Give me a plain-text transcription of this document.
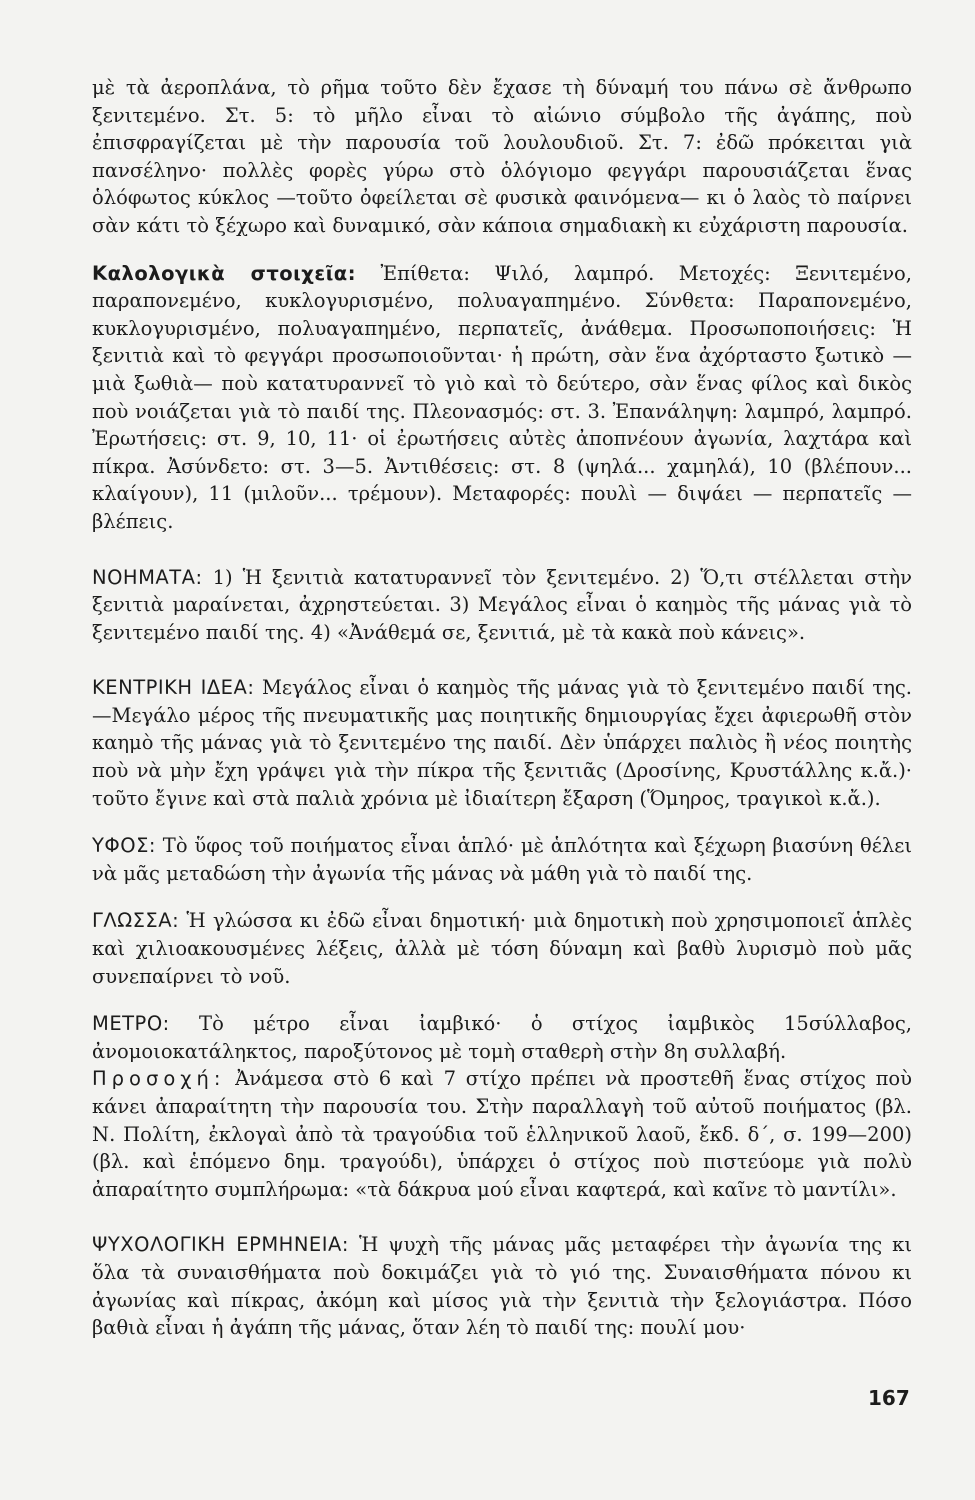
μὲ τὰ ἀεροπλάνα, τὸ ρῆμα τοῦτο δὲν ἔχασε τὴ δύναμή του πάνω σὲ ἄνθρωπο ξενιτεμένο. Στ. 5: τὸ μῆλο εἶναι τὸ αἰώνιο σύμβολο τῆς ἀγάπης, ποὺ ἐπισφραγίζεται μὲ τὴν παρουσία τοῦ λουλουδιοῦ. Στ. 7: ἐδῶ πρόκειται γιὰ πανσέληνο· πολλὲς φορὲς γύρω στὸ ὁλόγιομο φεγγάρι παρουσιάζεται ἕνας ὁλόφωτος κύκλος —τοῦτο ὀφείλεται σὲ φυσικὰ φαινόμενα— κι ὁ λαὸς τὸ παίρνει σὰν κάτι τὸ ξέχωρο καὶ δυναμικό, σὰν κάποια σημαδιακὴ κι εὐχάριστη παρουσία.

Καλολογικὰ στοιχεῖα: Ἐπίθετα: Ψιλό, λαμπρό. Μετοχές: Ξενιτεμένο, παραπονεμένο, κυκλογυρισμένο, πολυαγαπημένο. Σύνθετα: Παραπονεμένο, κυκλογυρισμένο, πολυαγαπημένο, περπατεῖς, ἀνάθεμα. Προσωποποιήσεις: Ἡ ξενιτιὰ καὶ τὸ φεγγάρι προσωποιοῦνται· ἡ πρώτη, σὰν ἕνα ἀχόρταστο ξωτικὸ — μιὰ ξωθιὰ— ποὺ κατατυραννεῖ τὸ γιὸ καὶ τὸ δεύτερο, σὰν ἕνας φίλος καὶ δικὸς ποὺ νοιάζεται γιὰ τὸ παιδί της. Πλεονασμός: στ. 3. Ἐπανάληψη: λαμπρό, λαμπρό. Ἐρωτήσεις: στ. 9, 10, 11· οἱ ἐρωτήσεις αὐτὲς ἀποπνέουν ἀγωνία, λαχτάρα καὶ πίκρα. Ἀσύνδετο: στ. 3—5. Ἀντιθέσεις: στ. 8 (ψηλά... χαμηλά), 10 (βλέπουν... κλαίγουν), 11 (μιλοῦν... τρέμουν). Μεταφορές: πουλὶ — διψάει — περπατεῖς — βλέπεις.

ΝΟΗΜΑΤΑ: 1) Ἡ ξενιτιὰ κατατυραννεῖ τὸν ξενιτεμένο. 2) Ὅ,τι στέλλεται στὴν ξενιτιὰ μαραίνεται, ἀχρηστεύεται. 3) Μεγάλος εἶναι ὁ καημὸς τῆς μάνας γιὰ τὸ ξενιτεμένο παιδί της. 4) «Ἀνάθεμά σε, ξενιτιά, μὲ τὰ κακὰ ποὺ κάνεις».

ΚΕΝΤΡΙΚΗ ΙΔΕΑ: Μεγάλος εἶναι ὁ καημὸς τῆς μάνας γιὰ τὸ ξενιτεμένο παιδί της. —Μεγάλο μέρος τῆς πνευματικῆς μας ποιητικῆς δημιουργίας ἔχει ἀφιερωθῆ στὸν καημὸ τῆς μάνας γιὰ τὸ ξενιτεμένο της παιδί. Δὲν ὑπάρχει παλιὸς ἢ νέος ποιητὴς ποὺ νὰ μὴν ἔχη γράψει γιὰ τὴν πίκρα τῆς ξενιτιᾶς (Δροσίνης, Κρυστάλλης κ.ἄ.)· τοῦτο ἔγινε καὶ στὰ παλιὰ χρόνια μὲ ἰδιαίτερη ἔξαρση (Ὅμηρος, τραγικοὶ κ.ἄ.).

ΥΦΟΣ: Τὸ ὕφος τοῦ ποιήματος εἶναι ἁπλό· μὲ ἁπλότητα καὶ ξέχωρη βιασύνη θέλει νὰ μᾶς μεταδώση τὴν ἀγωνία τῆς μάνας νὰ μάθη γιὰ τὸ παιδί της.

ΓΛΩΣΣΑ: Ἡ γλώσσα κι ἐδῶ εἶναι δημοτική· μιὰ δημοτικὴ ποὺ χρησιμοποιεῖ ἁπλὲς καὶ χιλιοακουσμένες λέξεις, ἀλλὰ μὲ τόση δύναμη καὶ βαθὺ λυρισμὸ ποὺ μᾶς συνεπαίρνει τὸ νοῦ.

ΜΕΤΡΟ: Τὸ μέτρο εἶναι ἰαμβικό· ὁ στίχος ἰαμβικὸς 15σύλλαβος, ἀνομοιοκατάληκτος, παροξύτονος μὲ τομὴ σταθερὴ στὴν 8η συλλαβή.

Προσοχή: Ἀνάμεσα στὸ 6 καὶ 7 στίχο πρέπει νὰ προστεθῆ ἕνας στίχος ποὺ κάνει ἀπαραίτητη τὴν παρουσία του. Στὴν παραλλαγὴ τοῦ αὐτοῦ ποιήματος (βλ. Ν. Πολίτη, ἐκλογαὶ ἀπὸ τὰ τραγούδια τοῦ ἑλληνικοῦ λαοῦ, ἔκδ. δ΄, σ. 199—200) (βλ. καὶ ἑπόμενο δημ. τραγούδι), ὑπάρχει ὁ στίχος ποὺ πιστεύομε γιὰ πολὺ ἀπαραίτητο συμπλήρωμα: «τὰ δάκρυα μού εἶναι καφτερά, καὶ καῖνε τὸ μαντίλι».

ΨΥΧΟΛΟΓΙΚΗ ΕΡΜΗΝΕΙΑ: Ἡ ψυχὴ τῆς μάνας μᾶς μεταφέρει τὴν ἀγωνία της κι ὅλα τὰ συναισθήματα ποὺ δοκιμάζει γιὰ τὸ γιό της. Συναισθήματα πόνου κι ἀγωνίας καὶ πίκρας, ἀκόμη καὶ μίσος γιὰ τὴν ξενιτιὰ τὴν ξελογιάστρα. Πόσο βαθιὰ εἶναι ἡ ἀγάπη τῆς μάνας, ὅταν λέη τὸ παιδί της: πουλί μου·

167
